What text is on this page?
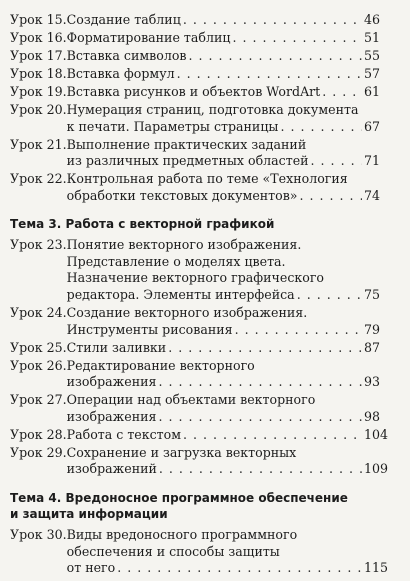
Урок 15. Создание таблиц . . .	46
Урок 16. Форматирование таблиц . . .	51
Урок 17. Вставка символов . . .	55
Урок 18. Вставка формул . . .	57
Урок 19. Вставка рисунков и объектов WordArt . . .	61
Урок 20. Нумерация страниц, подготовка документа
к печати. Параметры страницы . . .	67
Урок 21. Выполнение практических заданий
из различных предметных областей . . .	71
Урок 22. Контрольная работа по теме «Технология
обработки текстовых документов» . . .	74
Тема 3. Работа с векторной графикой
Урок 23. Понятие векторного изображения.
Представление о моделях цвета.
Назначение векторного графического
редактора. Элементы интерфейса . . .	75
Урок 24. Создание векторного изображения.
Инструменты рисования . . .	79
Урок 25. Стили заливки . . .	87
Урок 26. Редактирование векторного
изображения . . .	93
Урок 27. Операции над объектами векторного
изображения . . .	98
Урок 28. Работа с текстом . . .	104
Урок 29. Сохранение и загрузка векторных
изображений . . .	109
Тема 4. Вредоносное программное обеспечение
и защита информации
Урок 30. Виды вредоносного программного
обеспечения и способы защиты
от него . . .	115
